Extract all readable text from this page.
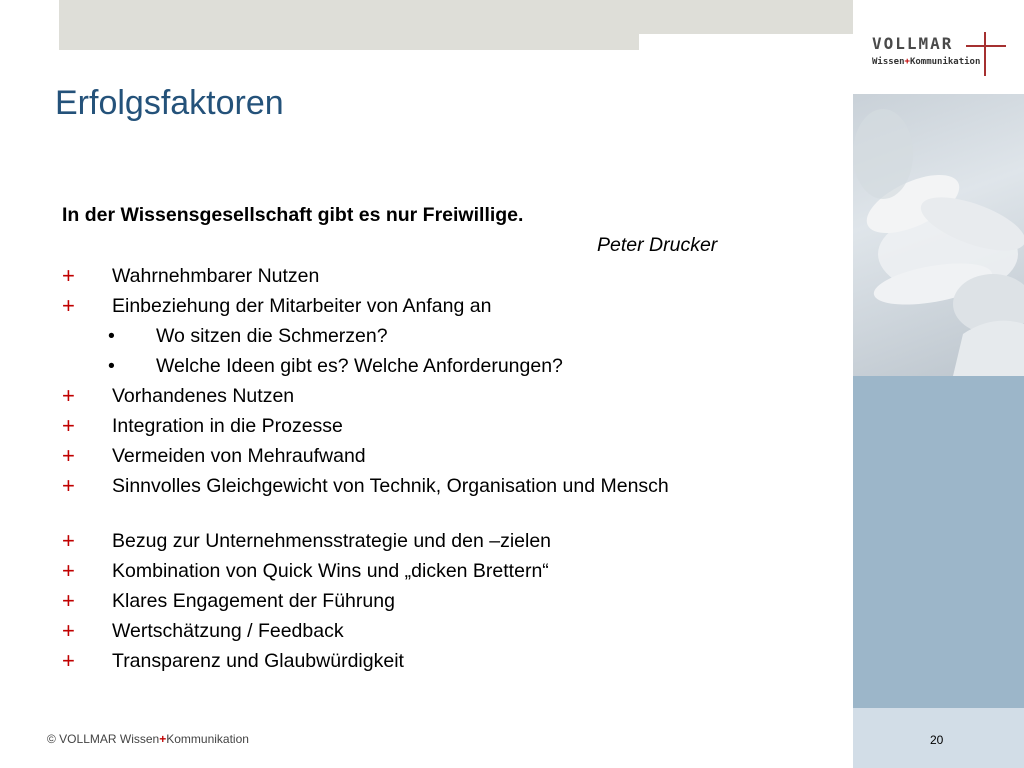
VOLLMAR
Wissen+Kommunikation
Erfolgsfaktoren
In der Wissensgesellschaft gibt es nur Freiwillige.
Peter Drucker
+ Wahrnehmbarer Nutzen
+ Einbeziehung der Mitarbeiter von Anfang an
• Wo sitzen die Schmerzen?
• Welche Ideen gibt es? Welche Anforderungen?
+ Vorhandenes Nutzen
+ Integration in die Prozesse
+ Vermeiden von Mehraufwand
+ Sinnvolles Gleichgewicht von Technik, Organisation und Mensch
+ Bezug zur Unternehmensstrategie und den –zielen
+ Kombination von Quick Wins und „dicken Brettern“
+ Klares Engagement der Führung
+ Wertschätzung / Feedback
+ Transparenz und Glaubwürdigkeit
© VOLLMAR Wissen+Kommunikation	20
